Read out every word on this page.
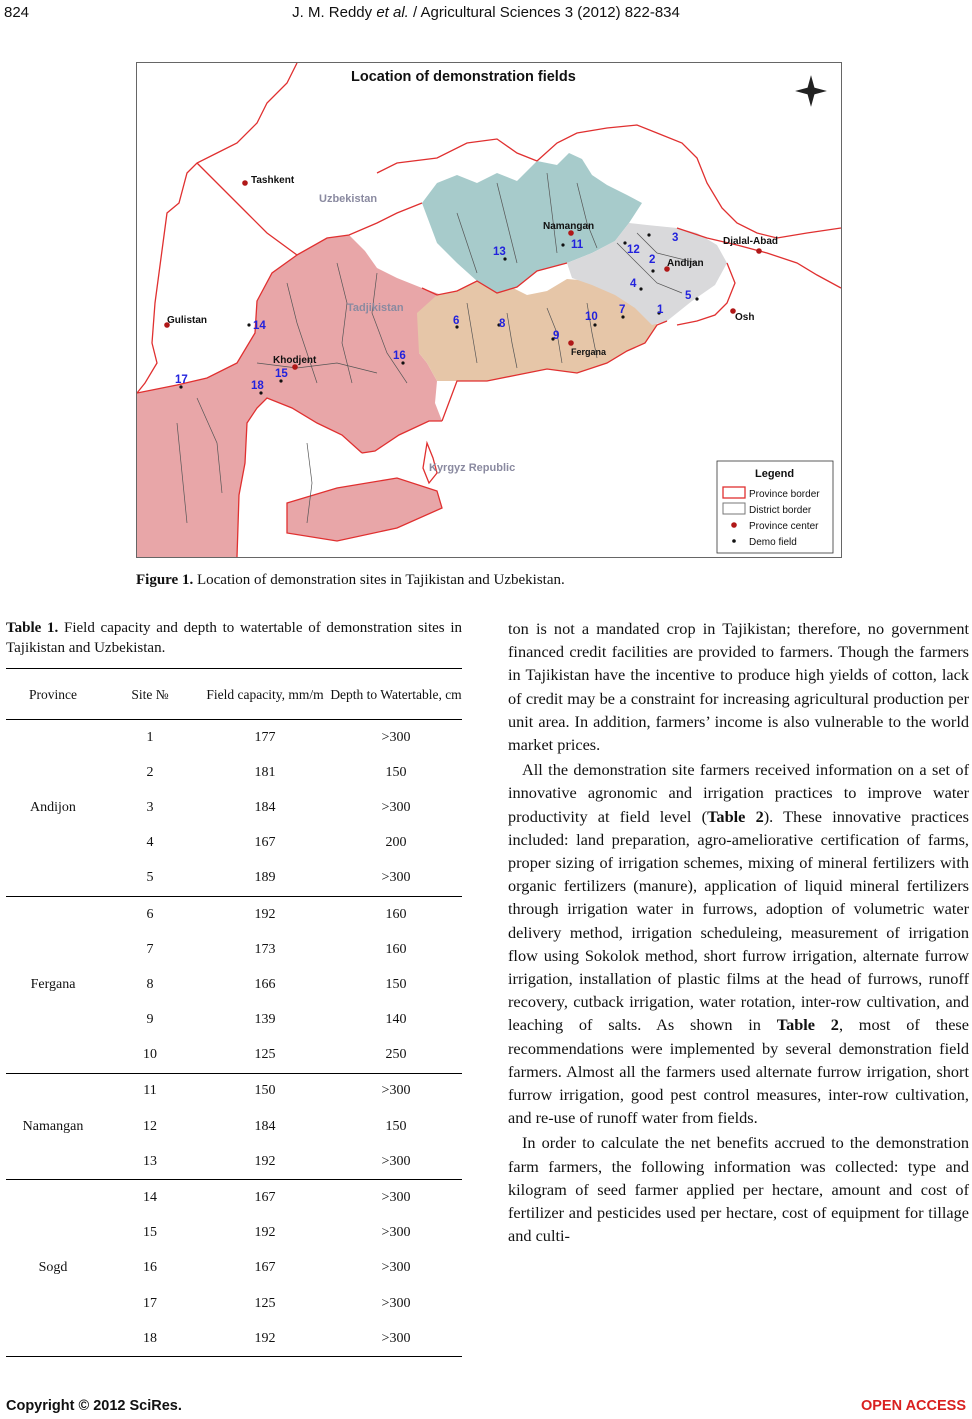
824	J. M. Reddy et al. / Agricultural Sciences 3 (2012) 822-834
Location of demonstration fields
Uzbekistan
Tadjikistan
Kyrgyz Republic
Tashkent
Namangan
Djalal-Abad
Andijan
Osh
Gulistan
Khodjent
Fergana
1
2
3
4
5
6
7
8
9
10
11	12
13
14
15
16
17	18
Legend
Province border
District border
Province center
Demo field
Figure 1. Location of demonstration sites in Tajikistan and Uzbekistan.
Table 1. Field capacity and depth to watertable of demonstration sites in Tajikistan and Uzbekistan.
Province	Site №	Field capacity, mm/m	Depth to Watertable, cm
Andijon	1	177	>300
	2	181	150
	3	184	>300
	4	167	200
	5	189	>300
Fergana	6	192	160
	7	173	160
	8	166	150
	9	139	140
	10	125	250
Namangan	11	150	>300
	12	184	150
	13	192	>300
Sogd	14	167	>300
	15	192	>300
	16	167	>300
	17	125	>300
	18	192	>300

ton is not a mandated crop in Tajikistan; therefore, no government financed credit facilities are provided to farmers. Though the farmers in Tajikistan have the incentive to produce high yields of cotton, lack of credit may be a constraint for increasing agricultural production per unit area. In addition, farmers’ income is also vulnerable to the world market prices.

All the demonstration site farmers received information on a set of innovative agronomic and irrigation practices to improve water productivity at field level (Table 2). These innovative practices included: land preparation, agro-ameliorative certification of farms, proper sizing of irrigation schemes, mixing of mineral fertilizers with organic fertilizers (manure), application of liquid mineral fertilizers through irrigation water in furrows, adoption of volumetric water delivery method, irrigation scheduleing, measurement of irrigation flow using Sokolok method, short furrow irrigation, alternate furrow irrigation, installation of plastic films at the head of furrows, runoff recovery, cutback irrigation, water rotation, inter-row cultivation, and leaching of salts. As shown in Table 2, most of these recommendations were implemented by several demonstration field farmers. Almost all the farmers used alternate furrow irrigation, short furrow irrigation, good pest control measures, inter-row cultivation, and re-use of runoff water from fields.

In order to calculate the net benefits accrued to the demonstration farm farmers, the following information was collected: type and kilogram of seed farmer applied per hectare, amount and cost of fertilizer and pesticides used per hectare, cost of equipment for tillage and culti-

Copyright © 2012 SciRes.	OPEN ACCESS
